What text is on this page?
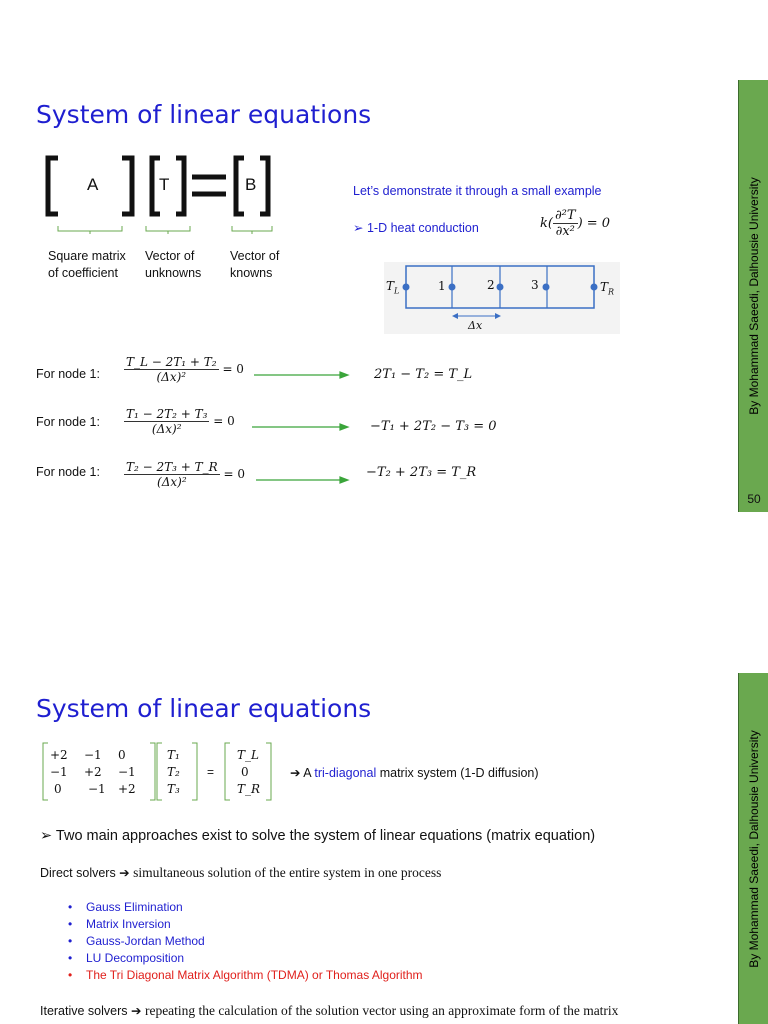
System of linear equations
A	T	B
Square matrix
of coefficient
Vector of
unknowns
Vector of
knowns
Let’s demonstrate it through a small example
➢ 1-D heat conduction	$k( \frac{\text{∂²T}}{\text{∂x²}}$ ) = 0
$T_L$	1	2	3	$T_R$
Δx
For node 1: $\frac{\text{T\_L − 2T₁ + T₂}}{\text{(Δx)²}} = 0$	2T₁ − T₂ = T_L
For node 1: $\frac{\text{T₁ − 2T₂ + T₃}}{\text{(Δx)²}} = 0$	−T₁ + 2T₂ − T₃ = 0
For node 1: $\frac{\text{T₂ − 2T₃ + T\_R}}{\text{(Δx)²}} = 0$	−T₂ + 2T₃ = T_R
By Mohammad Saeedi, Dalhousie University
50
System of linear equations
+2	−1	0
−1	+2	−1
0	−1	+2
T₁
T₂
T₃
=
T_L
0
T_R
➔ A tri-diagonal matrix system (1-D diffusion)
➢ Two main approaches exist to solve the system of linear equations (matrix equation)
Direct solvers ➔ simultaneous solution of the entire system in one process
• Gauss Elimination
• Matrix Inversion
• Gauss-Jordan Method
• LU Decomposition
• The Tri Diagonal Matrix Algorithm (TDMA) or Thomas Algorithm
Iterative solvers ➔ repeating the calculation of the solution vector using an approximate form of the matrix
By Mohammad Saeedi, Dalhousie University
